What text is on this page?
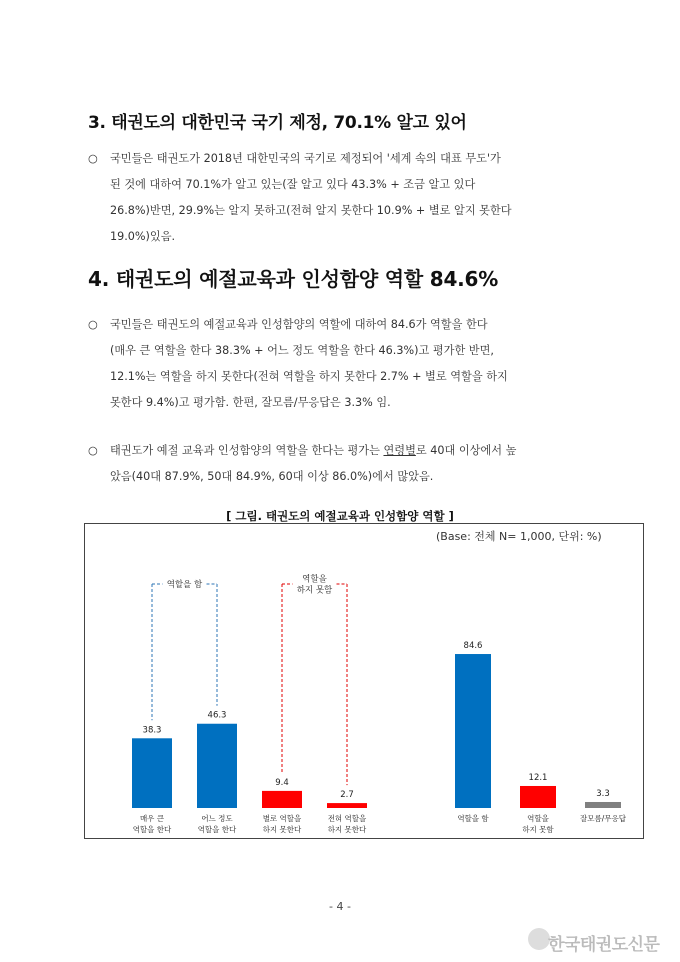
3. 태권도의 대한민국 국기 제정, 70.1% 알고 있어
○ 국민들은 태권도가 2018년 대한민국의 국기로 제정되어 '세계 속의 대표 무도'가
된 것에 대하여 70.1%가 알고 있는(잘 알고 있다 43.3% + 조금 알고 있다
26.8%)반면, 29.9%는 알지 못하고(전혀 알지 못한다 10.9% + 별로 알지 못한다
19.0%)있음.
4. 태권도의 예절교육과 인성함양 역할 84.6%
○ 국민들은 태권도의 예절교육과 인성함양의 역할에 대하여 84.6가 역할을 한다
(매우 큰 역할을 한다 38.3% + 어느 정도 역할을 한다 46.3%)고 평가한 반면,
12.1%는 역할을 하지 못한다(전혀 역할을 하지 못한다 2.7% + 별로 역할을 하지
못한다 9.4%)고 평가함. 한편, 잘모름/무응답은 3.3% 임.
○ 태권도가 예절 교육과 인성함양의 역할을 한다는 평가는 연령별로 40대 이상에서 높
았음(40대 87.9%, 50대 84.9%, 60대 이상 86.0%)에서 많았음.
[ 그림. 태권도의 예절교육과 인성함양 역할 ]
(Base: 전체 N= 1,000, 단위: %)
38.3
매우 큰
역할을 한다
46.3
어느 정도
역할을 한다
9.4
별로 역할을
하지 못한다
2.7
전혀 역할을
하지 못한다
84.6
역할을 함
12.1
역할을
하지 못함
3.3
잘모름/무응답
역할을 함
역할을
하지 못함
- 4 -
한국태권도신문
